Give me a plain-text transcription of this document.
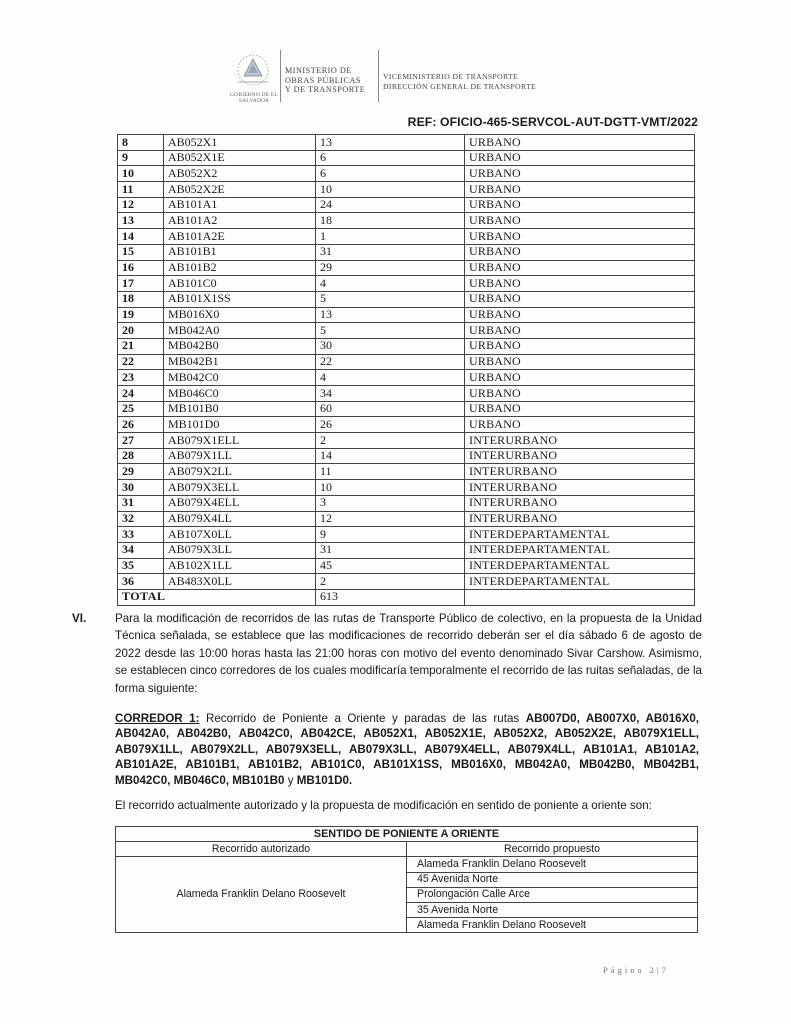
GOBIERNO DE EL SALVADOR
MINISTERIO DE
OBRAS PÚBLICAS
Y DE TRANSPORTE
VICEMINISTERIO DE TRANSPORTE
DIRECCIÓN GENERAL DE TRANSPORTE
REF: OFICIO-465-SERVCOL-AUT-DGTT-VMT/2022
8	AB052X1	13	URBANO
9	AB052X1E	6	URBANO
10	AB052X2	6	URBANO
11	AB052X2E	10	URBANO
12	AB101A1	24	URBANO
13	AB101A2	18	URBANO
14	AB101A2E	1	URBANO
15	AB101B1	31	URBANO
16	AB101B2	29	URBANO
17	AB101C0	4	URBANO
18	AB101X1SS	5	URBANO
19	MB016X0	13	URBANO
20	MB042A0	5	URBANO
21	MB042B0	30	URBANO
22	MB042B1	22	URBANO
23	MB042C0	4	URBANO
24	MB046C0	34	URBANO
25	MB101B0	60	URBANO
26	MB101D0	26	URBANO
27	AB079X1ELL	2	INTERURBANO
28	AB079X1LL	14	INTERURBANO
29	AB079X2LL	11	INTERURBANO
30	AB079X3ELL	10	INTERURBANO
31	AB079X4ELL	3	INTERURBANO
32	AB079X4LL	12	INTERURBANO
33	AB107X0LL	9	INTERDEPARTAMENTAL
34	AB079X3LL	31	INTERDEPARTAMENTAL
35	AB102X1LL	45	INTERDEPARTAMENTAL
36	AB483X0LL	2	INTERDEPARTAMENTAL
TOTAL		613	
VI. Para la modificación de recorridos de las rutas de Transporte Público de colectivo, en la propuesta de la Unidad Técnica señalada, se establece que las modificaciones de recorrido deberán ser el día sábado 6 de agosto de 2022 desde las 10:00 horas hasta las 21:00 horas con motivo del evento denominado Sivar Carshow. Asimismo, se establecen cinco corredores de los cuales modificaría temporalmente el recorrido de las ruitas señaladas, de la forma siguiente:
CORREDOR 1: Recorrido de Poniente a Oriente y paradas de las rutas AB007D0, AB007X0, AB016X0, AB042A0, AB042B0, AB042C0, AB042CE, AB052X1, AB052X1E, AB052X2, AB052X2E, AB079X1ELL, AB079X1LL, AB079X2LL, AB079X3ELL, AB079X3LL, AB079X4ELL, AB079X4LL, AB101A1, AB101A2, AB101A2E, AB101B1, AB101B2, AB101C0, AB101X1SS, MB016X0, MB042A0, MB042B0, MB042B1, MB042C0, MB046C0, MB101B0 y MB101D0.
El recorrido actualmente autorizado y la propuesta de modificación en sentido de poniente a oriente son:
SENTIDO DE PONIENTE A ORIENTE	
Recorrido autorizado	Recorrido propuesto
Alameda Franklin Delano Roosevelt	Alameda Franklin Delano Roosevelt
	45 Avenida Norte
	Prolongación Calle Arce
	35 Avenida Norte
	Alameda Franklin Delano Roosevelt
Página 2|7
